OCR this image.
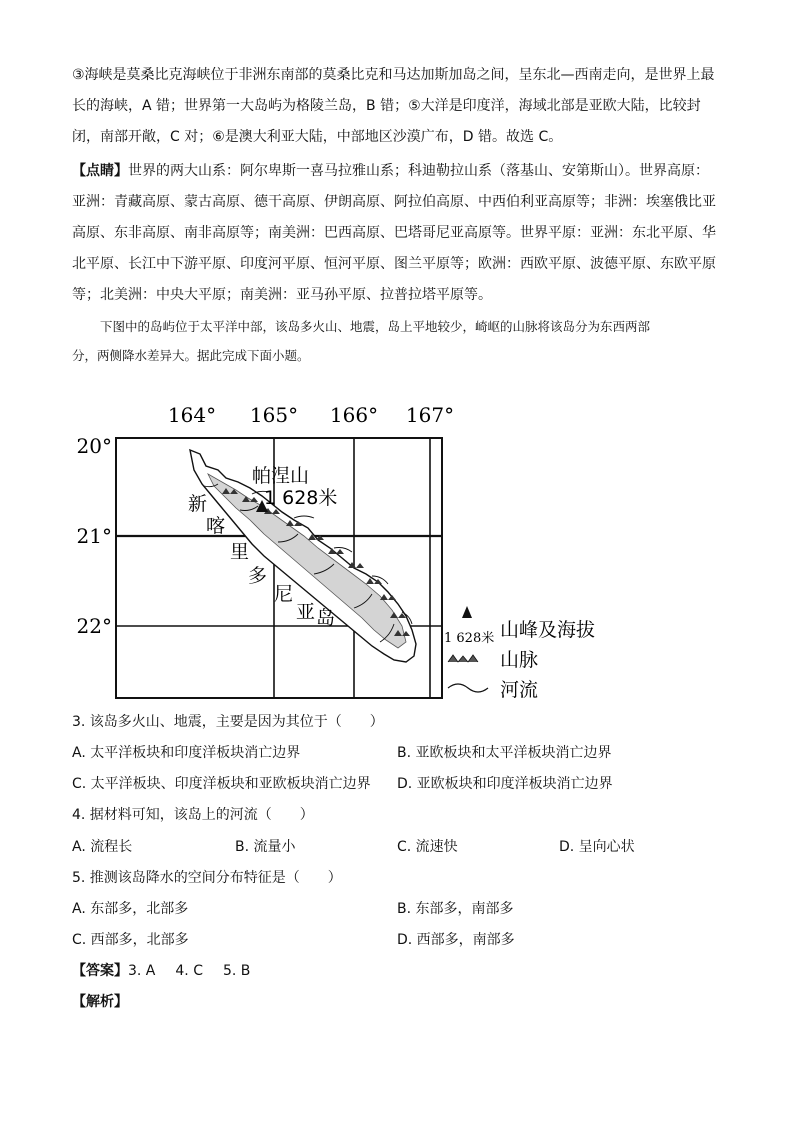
③海峡是莫桑比克海峡位于非洲东南部的莫桑比克和马达加斯加岛之间，呈东北—西南走向，是世界上最
长的海峡，A 错；世界第一大岛屿为格陵兰岛，B 错；⑤大洋是印度洋，海域北部是亚欧大陆，比较封
闭，南部开敞，C 对；⑥是澳大利亚大陆，中部地区沙漠广布，D 错。故选 C。
【点睛】世界的两大山系：阿尔卑斯一喜马拉雅山系；科迪勒拉山系（落基山、安第斯山）。世界高原：
亚洲：青藏高原、蒙古高原、德干高原、伊朗高原、阿拉伯高原、中西伯利亚高原等；非洲：埃塞俄比亚
高原、东非高原、南非高原等；南美洲：巴西高原、巴塔哥尼亚高原等。世界平原：亚洲：东北平原、华
北平原、长江中下游平原、印度河平原、恒河平原、图兰平原等；欧洲：西欧平原、波德平原、东欧平原
等；北美洲：中央大平原；南美洲：亚马孙平原、拉普拉塔平原等。
下图中的岛屿位于太平洋中部，该岛多火山、地震，岛上平地较少，崎岖的山脉将该岛分为东西两部
分，两侧降水差异大。据此完成下面小题。
164° 165° 166° 167°
20°
21°
22°
帕涅山
1 628米
新
喀
里
多
尼
亚 岛
1 628米 山峰及海拔
山脉
河流
3. 该岛多火山、地震，主要是因为其位于（　　）
A. 太平洋板块和印度洋板块消亡边界	B. 亚欧板块和太平洋板块消亡边界
C. 太平洋板块、印度洋板块和亚欧板块消亡边界 D. 亚欧板块和印度洋板块消亡边界
4. 据材料可知，该岛上的河流（　　）
A. 流程长	B. 流量小	C. 流速快	D. 呈向心状
5. 推测该岛降水的空间分布特征是（　　）
A. 东部多，北部多	B. 东部多，南部多
C. 西部多，北部多	D. 西部多，南部多
【答案】3. A 4. C 5. B
【解析】
